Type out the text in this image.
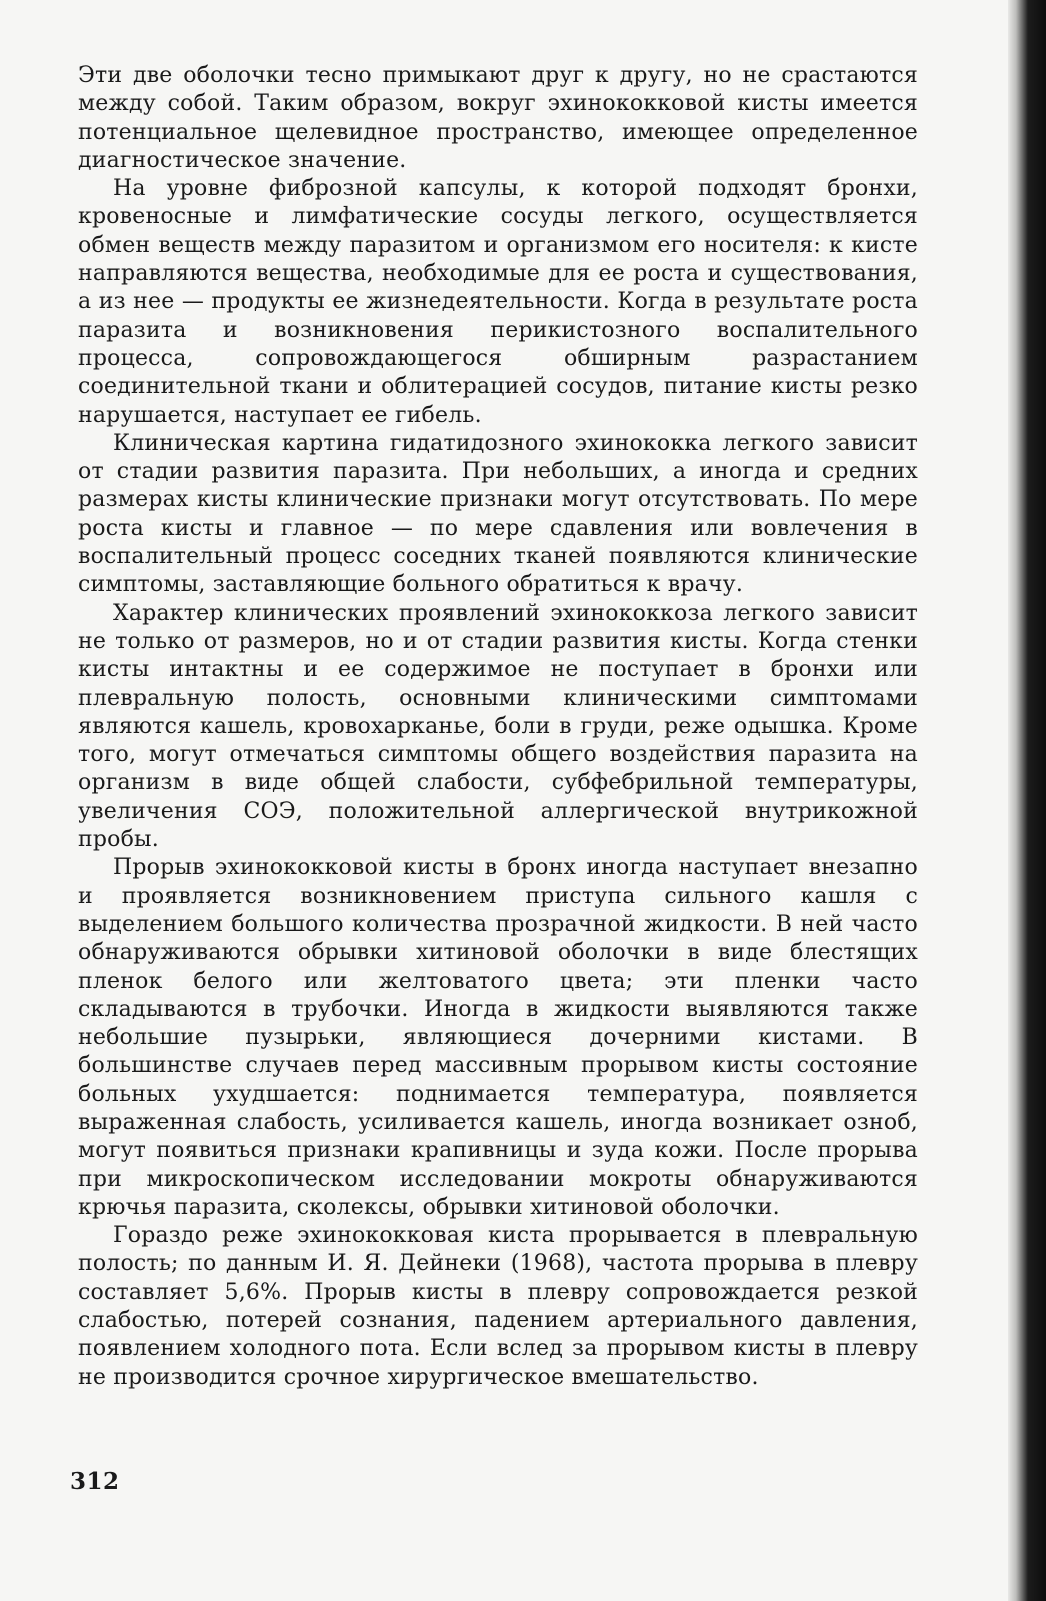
Эти две оболочки тесно примыкают друг к другу, но не срастаются между собой. Таким образом, вокруг эхинококковой кисты имеется потенциальное щелевидное пространство, имеющее определенное диагностическое значение.

На уровне фиброзной капсулы, к которой подходят бронхи, кровеносные и лимфатические сосуды легкого, осуществляется обмен веществ между паразитом и организмом его носителя: к кисте направляются вещества, необходимые для ее роста и существования, а из нее — продукты ее жизнедеятельности. Когда в результате роста паразита и возникновения перикистозного воспалительного процесса, сопровождающегося обширным разрастанием соединительной ткани и облитерацией сосудов, питание кисты резко нарушается, наступает ее гибель.

Клиническая картина гидатидозного эхинококка легкого зависит от стадии развития паразита. При небольших, а иногда и средних размерах кисты клинические признаки могут отсутствовать. По мере роста кисты и главное — по мере сдавления или вовлечения в воспалительный процесс соседних тканей появляются клинические симптомы, заставляющие больного обратиться к врачу.

Характер клинических проявлений эхинококкоза легкого зависит не только от размеров, но и от стадии развития кисты. Когда стенки кисты интактны и ее содержимое не поступает в бронхи или плевральную полость, основными клиническими симптомами являются кашель, кровохарканье, боли в груди, реже одышка. Кроме того, могут отмечаться симптомы общего воздействия паразита на организм в виде общей слабости, субфебрильной температуры, увеличения СОЭ, положительной аллергической внутрикожной пробы.

Прорыв эхинококковой кисты в бронх иногда наступает внезапно и проявляется возникновением приступа сильного кашля с выделением большого количества прозрачной жидкости. В ней часто обнаруживаются обрывки хитиновой оболочки в виде блестящих пленок белого или желтоватого цвета; эти пленки часто складываются в трубочки. Иногда в жидкости выявляются также небольшие пузырьки, являющиеся дочерними кистами. В большинстве случаев перед массивным прорывом кисты состояние больных ухудшается: поднимается температура, появляется выраженная слабость, усиливается кашель, иногда возникает озноб, могут появиться признаки крапивницы и зуда кожи. После прорыва при микроскопическом исследовании мокроты обнаруживаются крючья паразита, сколексы, обрывки хитиновой оболочки.

Гораздо реже эхинококковая киста прорывается в плевральную полость; по данным И. Я. Дейнеки (1968), частота прорыва в плевру составляет 5,6%. Прорыв кисты в плевру сопровождается резкой слабостью, потерей сознания, падением артериального давления, появлением холодного пота. Если вслед за прорывом кисты в плевру не производится срочное хирургическое вмешательство.

312
